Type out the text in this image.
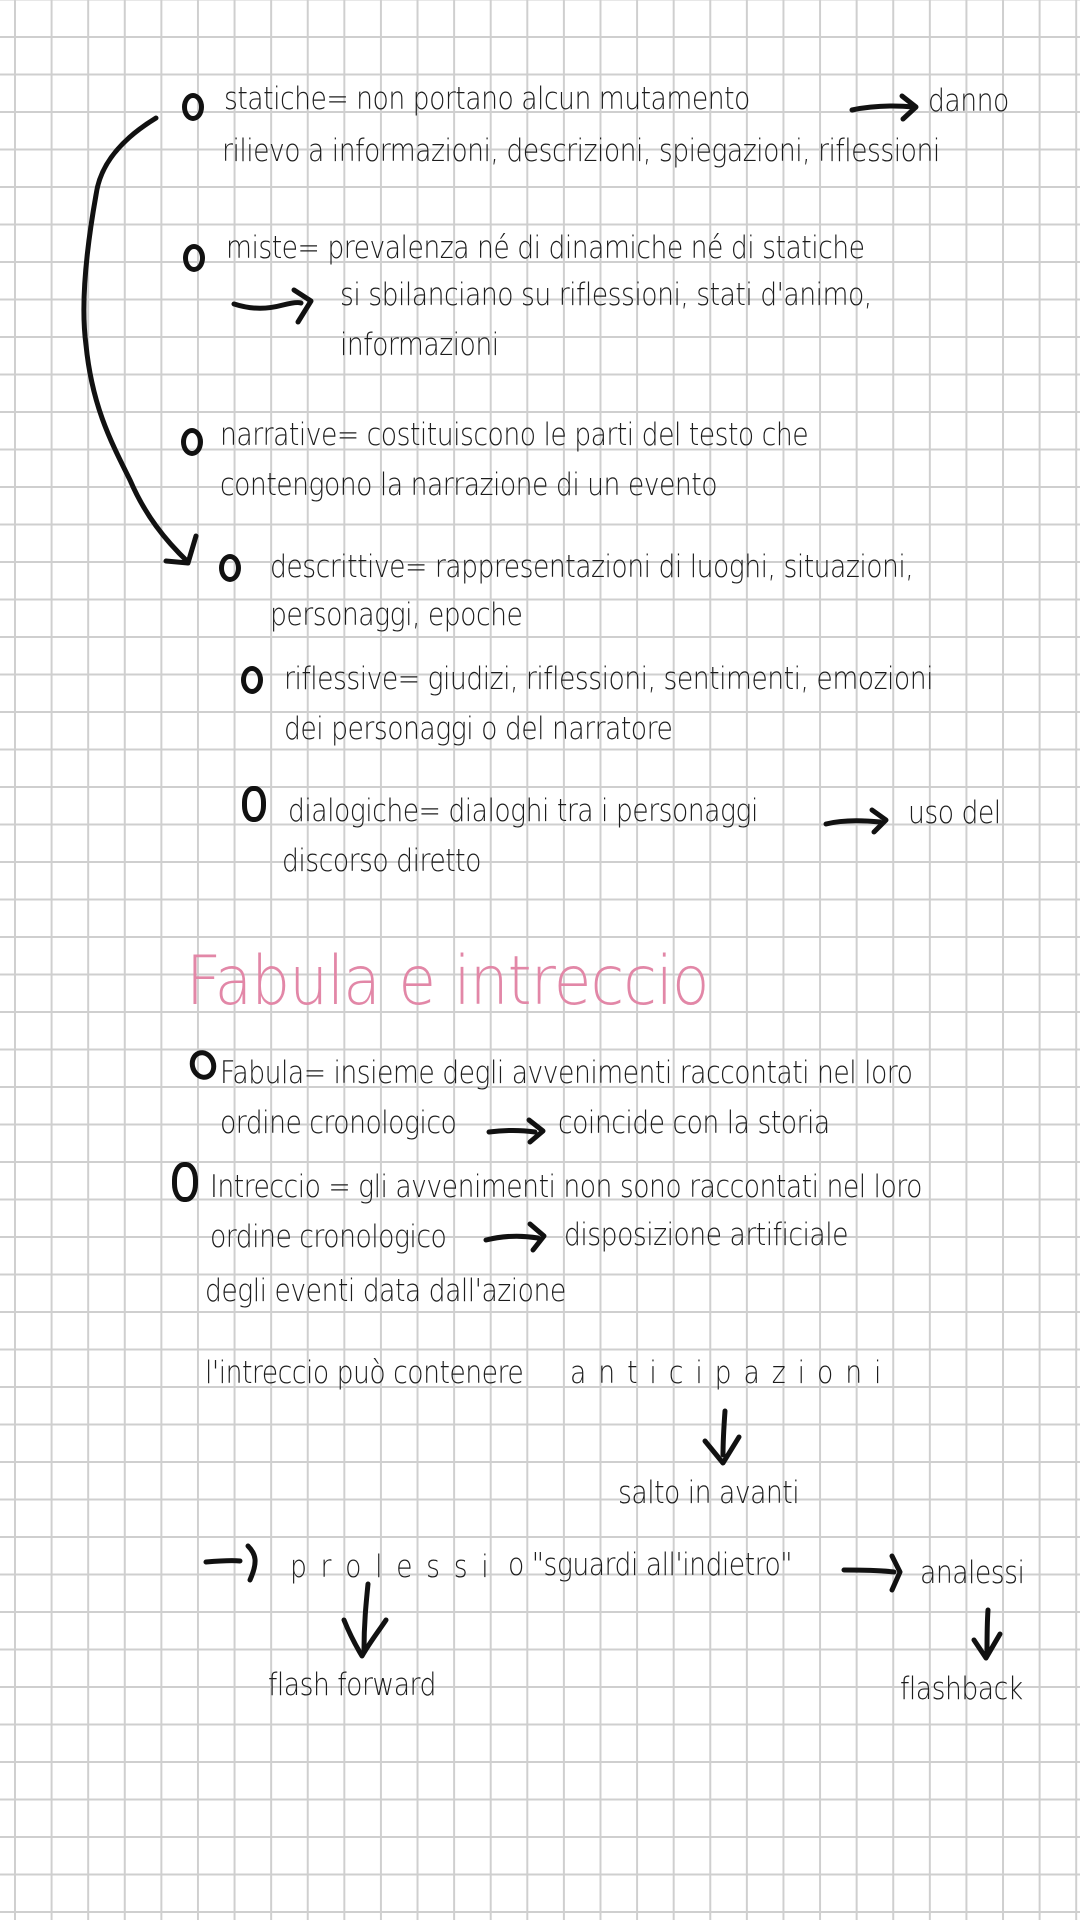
statiche= non portano alcun mutamento	danno
rilievo a informazioni, descrizioni, spiegazioni, riflessioni
miste= prevalenza né di dinamiche né di statiche
si sbilanciano su riflessioni, stati d'animo,
informazioni
narrative= costituiscono le parti del testo che
contengono la narrazione di un evento
descrittive= rappresentazioni di luoghi, situazioni,
personaggi, epoche
riflessive= giudizi, riflessioni, sentimenti, emozioni
dei personaggi o del narratore
dialogiche= dialoghi tra i personaggi	uso del
discorso diretto
Fabula e intreccio
Fabula= insieme degli avvenimenti raccontati nel loro
ordine cronologico	coincide con la storia
Intreccio = gli avvenimenti non sono raccontati nel loro
ordine cronologico	disposizione artificiale
degli eventi data dall'azione
l'intreccio può contenere a n t i c i p a z i o n i
salto in avanti
p r o l e s s i o "sguardi all'indietro"	analessi
flash forward	flashback
